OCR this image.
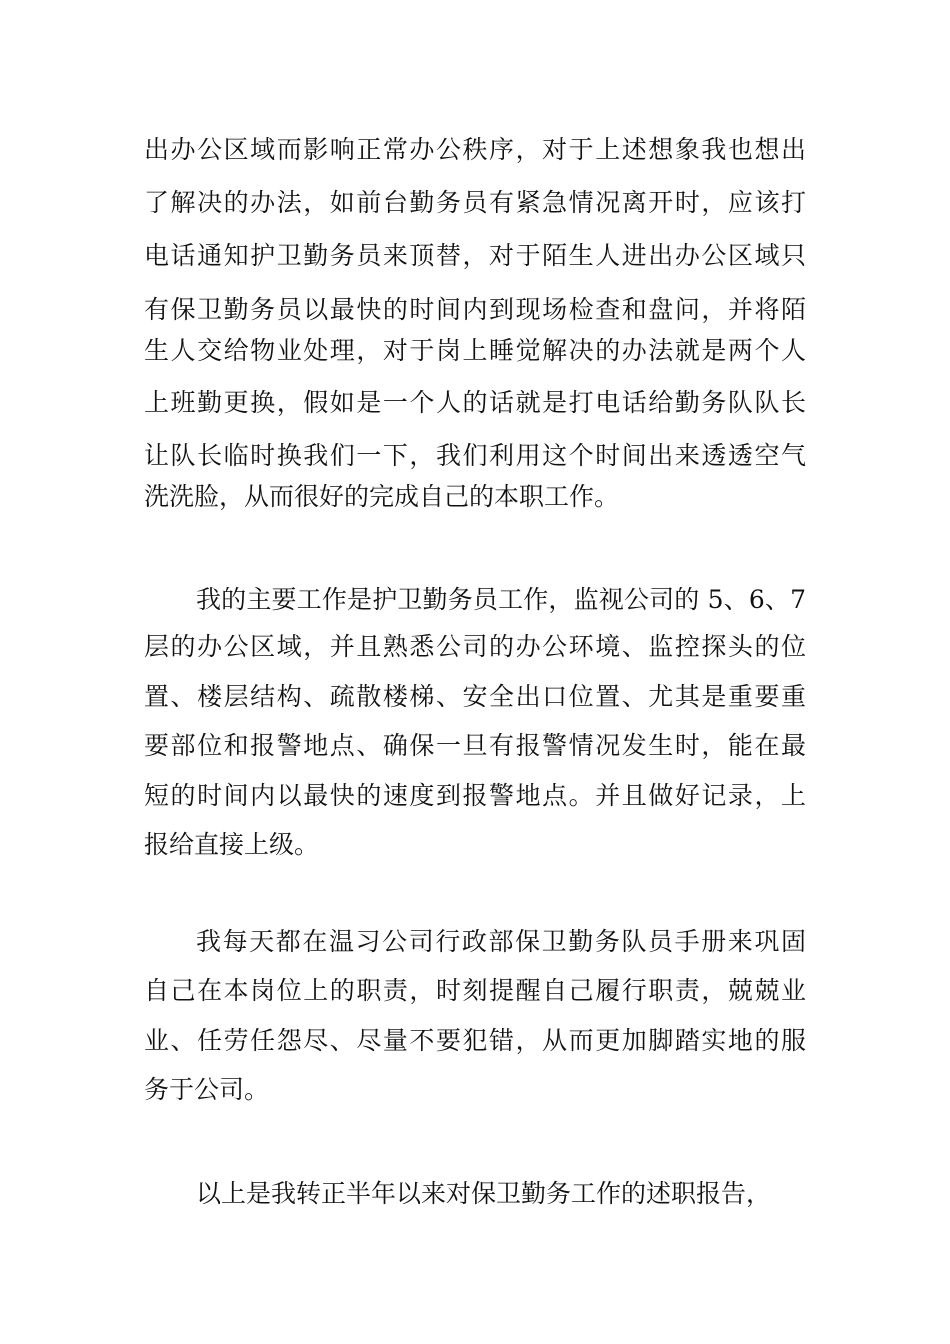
出办公区域而影响正常办公秩序，对于上述想象我也想出
了解决的办法，如前台勤务员有紧急情况离开时，应该打
电话通知护卫勤务员来顶替，对于陌生人进出办公区域只
有保卫勤务员以最快的时间内到现场检查和盘问，并将陌
生人交给物业处理，对于岗上睡觉解决的办法就是两个人
上班勤更换，假如是一个人的话就是打电话给勤务队队长
让队长临时换我们一下，我们利用这个时间出来透透空气
洗洗脸，从而很好的完成自己的本职工作。
我的主要工作是护卫勤务员工作，监视公司的 5、6、7
层的办公区域，并且熟悉公司的办公环境、监控探头的位
置、楼层结构、疏散楼梯、安全出口位置、尤其是重要重
要部位和报警地点、确保一旦有报警情况发生时，能在最
短的时间内以最快的速度到报警地点。并且做好记录，上
报给直接上级。
我每天都在温习公司行政部保卫勤务队员手册来巩固
自己在本岗位上的职责，时刻提醒自己履行职责，兢兢业
业、任劳任怨尽、尽量不要犯错，从而更加脚踏实地的服
务于公司。
以上是我转正半年以来对保卫勤务工作的述职报告，
